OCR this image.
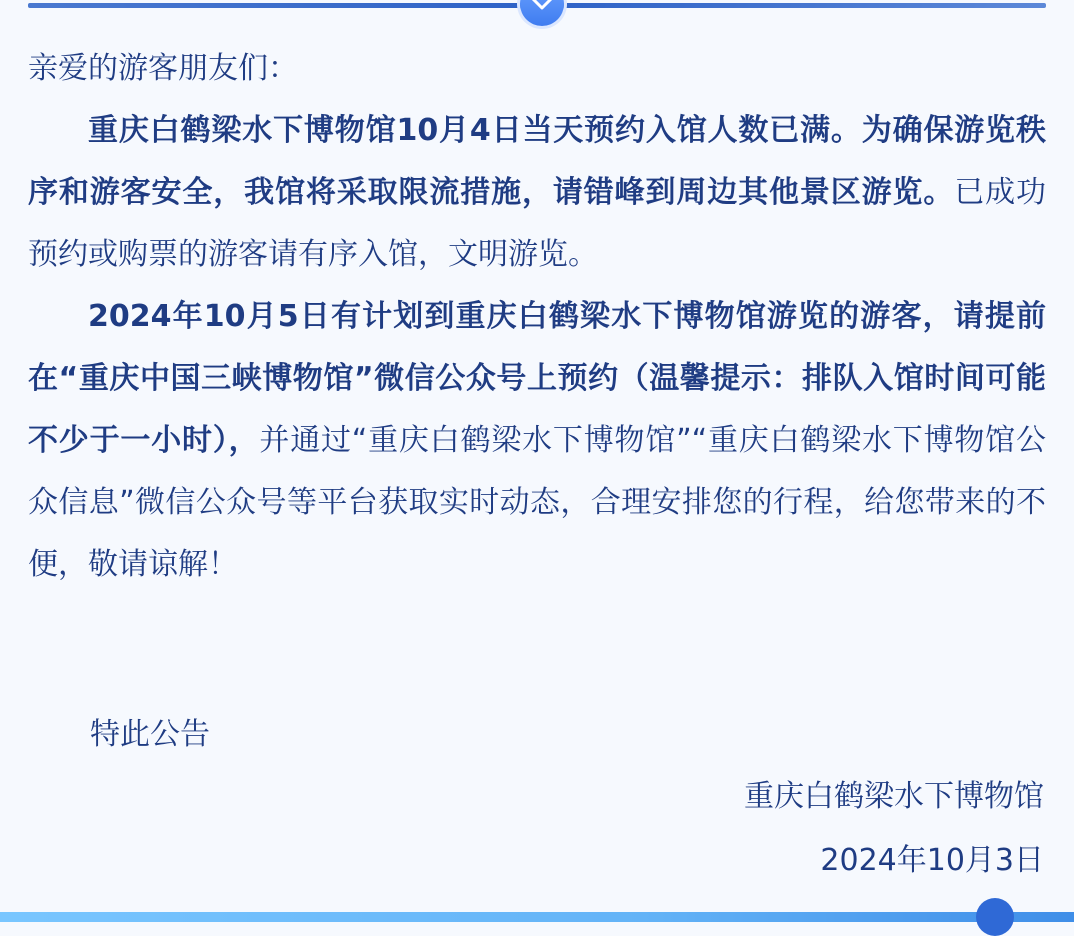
亲爱的游客朋友们：
重庆白鹤梁水下博物馆10月4日当天预约入馆人数已满。为确保游览秩序和游客安全，我馆将采取限流措施，请错峰到周边其他景区游览。已成功预约或购票的游客请有序入馆，文明游览。
2024年10月5日有计划到重庆白鹤梁水下博物馆游览的游客，请提前在“重庆中国三峡博物馆”微信公众号上预约（温馨提示：排队入馆时间可能不少于一小时），并通过“重庆白鹤梁水下博物馆”“重庆白鹤梁水下博物馆公众信息”微信公众号等平台获取实时动态，合理安排您的行程，给您带来的不便，敬请谅解！
特此公告
重庆白鹤梁水下博物馆
2024年10月3日
